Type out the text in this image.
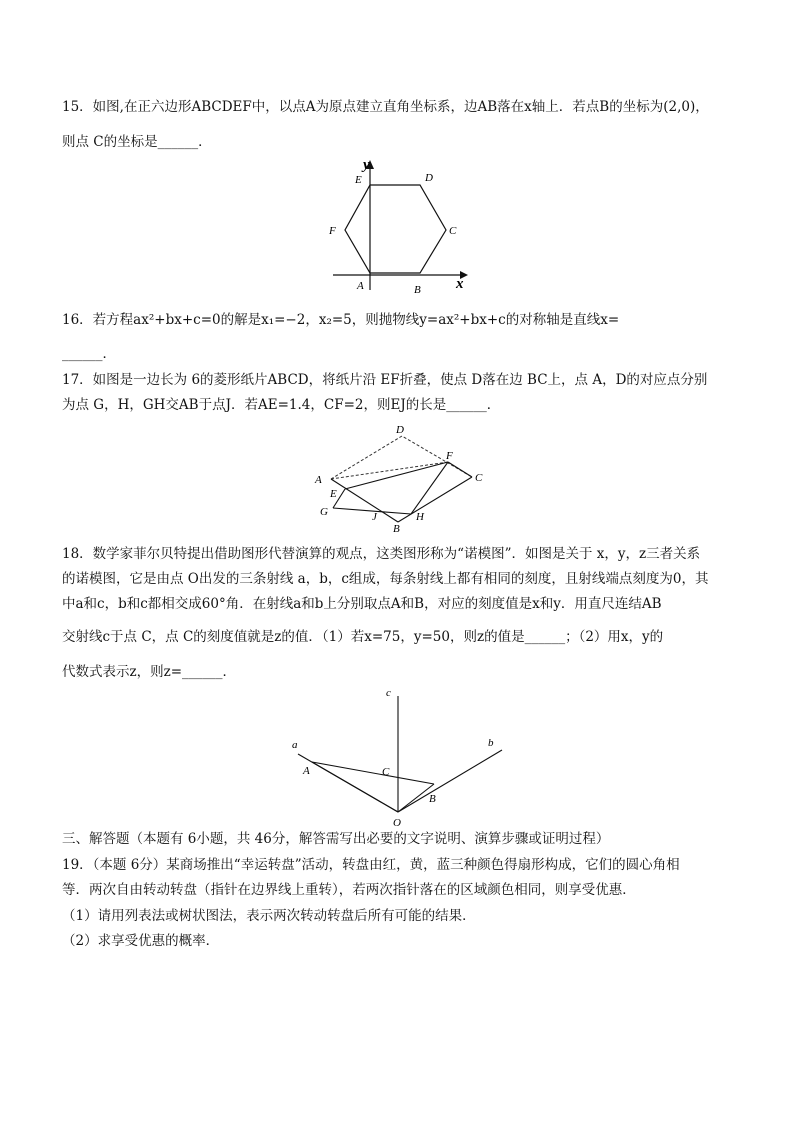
15．如图,在正六边形ABCDEF中，以点A为原点建立直角坐标系，边AB落在x轴上．若点B的坐标为(2,0)，
则点 C的坐标是______．
y
x
E	D
F	C
A	B
16．若方程ax²+bx+c=0的解是x₁=−2，x₂=5，则抛物线y=ax²+bx+c的对称轴是直线x=
______．
17．如图是一边长为 6的菱形纸片ABCD，将纸片沿 EF折叠，使点 D落在边 BC上，点 A，D的对应点分别
为点 G，H，GH交AB于点J．若AE=1.4，CF=2，则EJ的长是______．
D
F
C
A
E
G	J	H
B
18．数学家菲尔贝特提出借助图形代替演算的观点，这类图形称为“诺模图”．如图是关于 x，y，z三者关系
的诺模图，它是由点 O出发的三条射线 a，b，c组成，每条射线上都有相同的刻度，且射线端点刻度为0，其
中a和c，b和c都相交成60°角．在射线a和b上分别取点A和B，对应的刻度值是x和y．用直尺连结AB
交射线c于点 C，点 C的刻度值就是z的值．（1）若x=75，y=50，则z的值是______；（2）用x，y的
代数式表示z，则z=______．
c
a	b
A	C
B
O
三、解答题（本题有 6小题，共 46分，解答需写出必要的文字说明、演算步骤或证明过程）
19．（本题 6分）某商场推出“幸运转盘”活动，转盘由红，黄，蓝三种颜色得扇形构成，它们的圆心角相
等．两次自由转动转盘（指针在边界线上重转），若两次指针落在的区域颜色相同，则享受优惠．
（1）请用列表法或树状图法，表示两次转动转盘后所有可能的结果．
（2）求享受优惠的概率．
